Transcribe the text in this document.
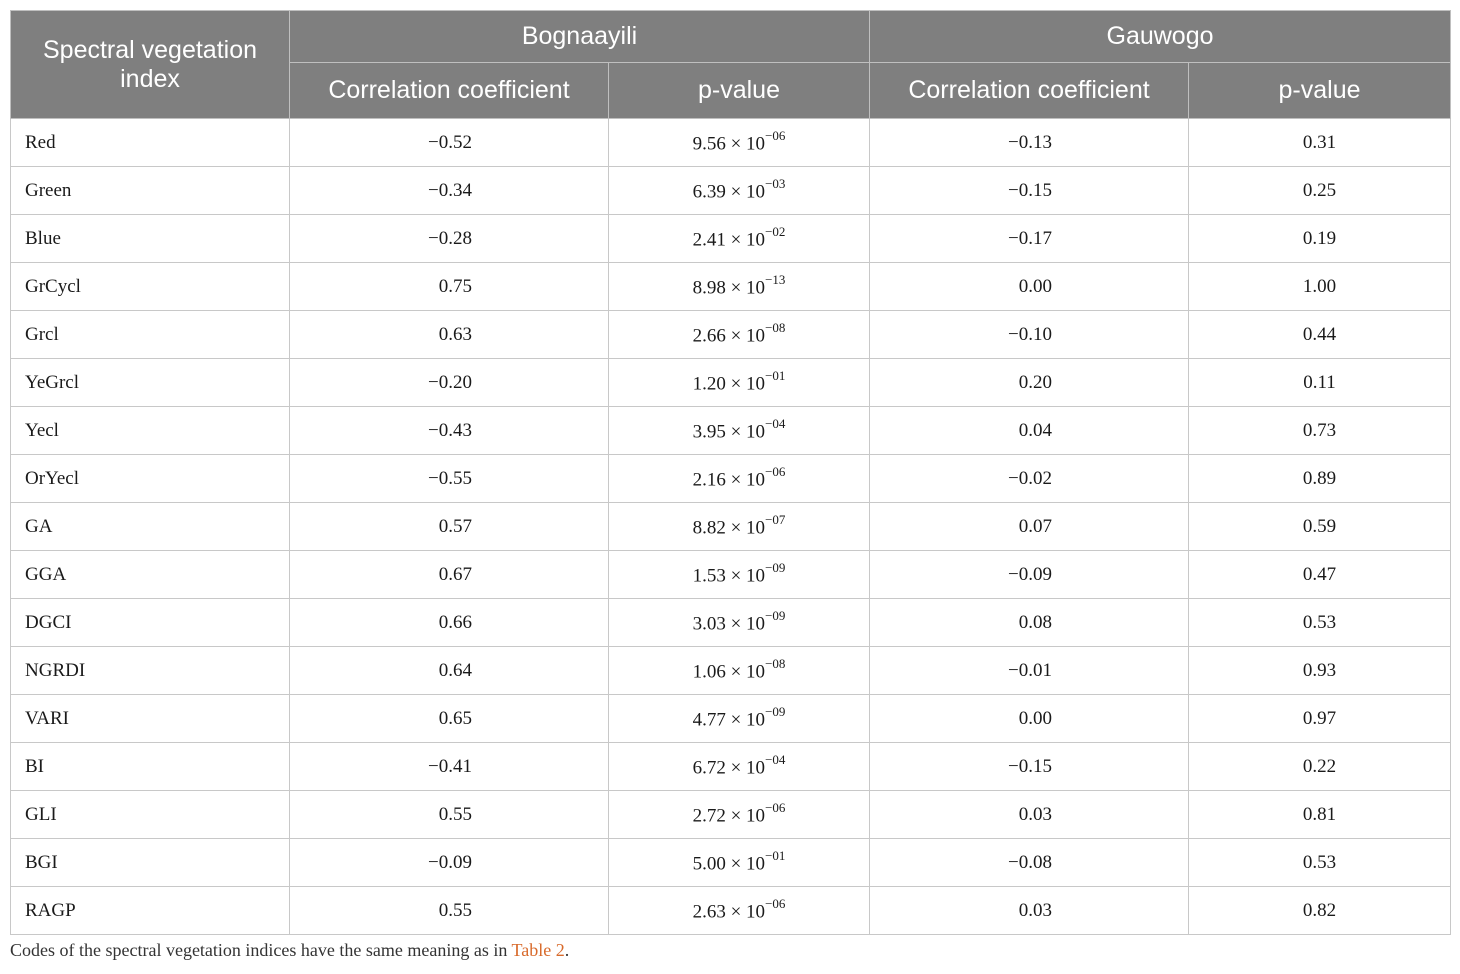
Spectral vegetation index	Bognaayili		Gauwogo	
	Correlation coefficient	p-value	Correlation coefficient	p-value
Red	−0.52	$9.56 \times 10^{-06}$	−0.13	0.31
Green	−0.34	$6.39 \times 10^{-03}$	−0.15	0.25
Blue	−0.28	$2.41 \times 10^{-02}$	−0.17	0.19
GrCycl	0.75	$8.98 \times 10^{-13}$	0.00	1.00
Grcl	0.63	$2.66 \times 10^{-08}$	−0.10	0.44
YeGrcl	−0.20	$1.20 \times 10^{-01}$	0.20	0.11
Yecl	−0.43	$3.95 \times 10^{-04}$	0.04	0.73
OrYecl	−0.55	$2.16 \times 10^{-06}$	−0.02	0.89
GA	0.57	$8.82 \times 10^{-07}$	0.07	0.59
GGA	0.67	$1.53 \times 10^{-09}$	−0.09	0.47
DGCI	0.66	$3.03 \times 10^{-09}$	0.08	0.53
NGRDI	0.64	$1.06 \times 10^{-08}$	−0.01	0.93
VARI	0.65	$4.77 \times 10^{-09}$	0.00	0.97
BI	−0.41	$6.72 \times 10^{-04}$	−0.15	0.22
GLI	0.55	$2.72 \times 10^{-06}$	0.03	0.81
BGI	−0.09	$5.00 \times 10^{-01}$	−0.08	0.53
RAGP	0.55	$2.63 \times 10^{-06}$	0.03	0.82
Codes of the spectral vegetation indices have the same meaning as in Table 2.
